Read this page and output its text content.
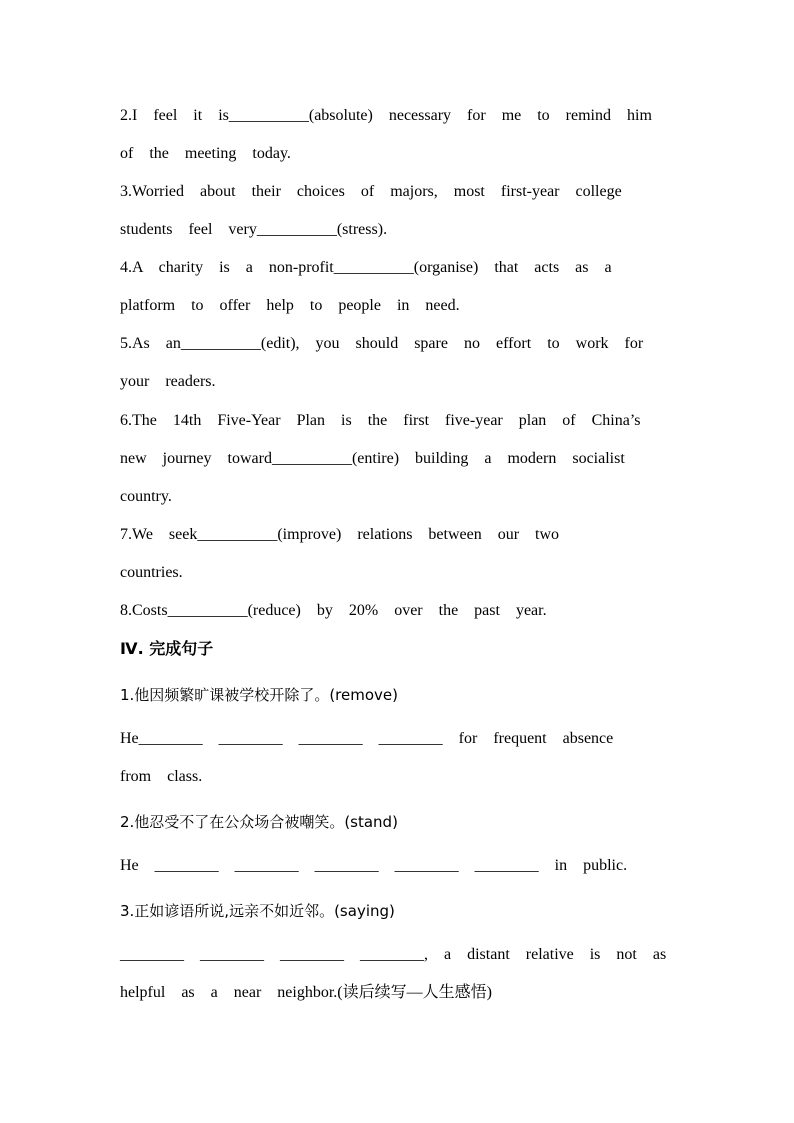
2.I  feel  it  is__________(absolute)  necessary  for  me  to  remind  him
of  the  meeting  today.
3.Worried  about  their  choices  of  majors,  most  first-year  college
students  feel  very__________(stress).
4.A  charity  is  a  non-profit__________(organise)  that  acts  as  a
platform  to  offer  help  to  people  in  need.
5.As  an__________(edit),  you  should  spare  no  effort  to  work  for
your  readers.
6.The  14th  Five-Year  Plan  is  the  first  five-year  plan  of  China’s
new  journey  toward__________(entire)  building  a  modern  socialist
country.
7.We  seek__________(improve)  relations  between  our  two
countries.
8.Costs__________(reduce)  by  20%  over  the  past  year.
Ⅳ. 完成句子
1.他因频繁旷课被学校开除了。(remove)
He________  ________  ________  ________  for  frequent  absence
from  class.
2.他忍受不了在公众场合被嘲笑。(stand)
He  ________  ________  ________  ________  ________  in  public.
3.正如谚语所说,远亲不如近邻。(saying)
________  ________  ________  ________,  a  distant  relative  is  not  as
helpful  as  a  near  neighbor.(读后续写—人生感悟)
